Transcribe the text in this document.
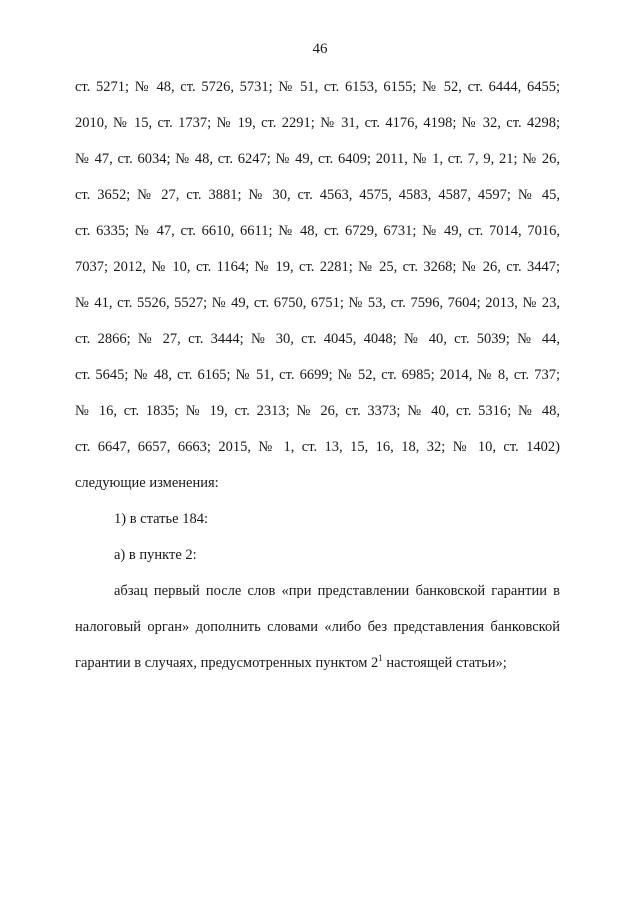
46
ст. 5271; № 48, ст. 5726, 5731; № 51, ст. 6153, 6155; № 52, ст. 6444, 6455;
2010, № 15, ст. 1737; № 19, ст. 2291; № 31, ст. 4176, 4198; № 32, ст. 4298;
№ 47, ст. 6034; № 48, ст. 6247; № 49, ст. 6409; 2011, № 1, ст. 7, 9, 21; № 26,
ст. 3652; № 27, ст. 3881; № 30, ст. 4563, 4575, 4583, 4587, 4597; № 45,
ст. 6335; № 47, ст. 6610, 6611; № 48, ст. 6729, 6731; № 49, ст. 7014, 7016,
7037; 2012, № 10, ст. 1164; № 19, ст. 2281; № 25, ст. 3268; № 26, ст. 3447;
№ 41, ст. 5526, 5527; № 49, ст. 6750, 6751; № 53, ст. 7596, 7604; 2013, № 23,
ст. 2866; № 27, ст. 3444; № 30, ст. 4045, 4048; № 40, ст. 5039; № 44,
ст. 5645; № 48, ст. 6165; № 51, ст. 6699; № 52, ст. 6985; 2014, № 8, ст. 737;
№ 16, ст. 1835; № 19, ст. 2313; № 26, ст. 3373; № 40, ст. 5316; № 48,
ст. 6647, 6657, 6663; 2015, № 1, ст. 13, 15, 16, 18, 32; № 10, ст. 1402)
следующие изменения:
1) в статье 184:
а) в пункте 2:
абзац первый после слов «при представлении банковской гарантии в
налоговый орган» дополнить словами «либо без представления банковской
гарантии в случаях, предусмотренных пунктом $2^1$ настоящей статьи»;
